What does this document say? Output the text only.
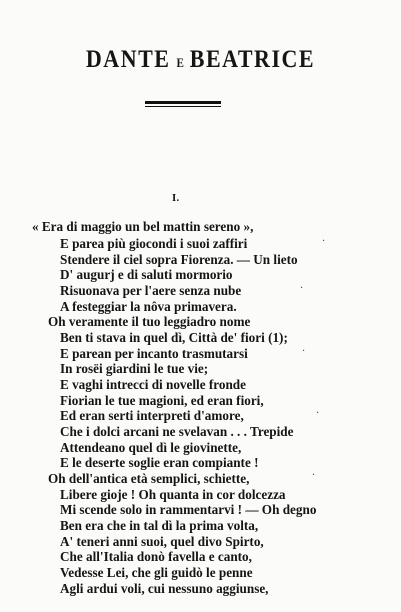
DANTE E BEATRICE
I.
« Era di maggio un bel mattin sereno »,
E parea più giocondi i suoi zaffiri
Stendere il ciel sopra Fiorenza. — Un lieto
D' augurj e di saluti mormorio
Risuonava per l'aere senza nube
A festeggiar la nôva primavera.
Oh veramente il tuo leggiadro nome
Ben ti stava in quel dì, Città de' fiori (1);
E parean per incanto trasmutarsi
In rosëi giardini le tue vie;
E vaghi intrecci di novelle fronde
Fiorian le tue magioni, ed eran fiori,
Ed eran serti interpreti d'amore,
Che i dolci arcani ne svelavan . . . Trepide
Attendeano quel dì le giovinette,
E le deserte soglie eran compiante !
Oh dell'antica età semplici, schiette,
Libere gioje ! Oh quanta in cor dolcezza
Mi scende solo in rammentarvi ! — Oh degno
Ben era che in tal dì la prima volta,
A' teneri anni suoi, quel divo Spirto,
Che all'Italia donò favella e canto,
Vedesse Lei, che gli guidò le penne
Agli ardui voli, cui nessuno aggiunse,
·
·
·
·
·
